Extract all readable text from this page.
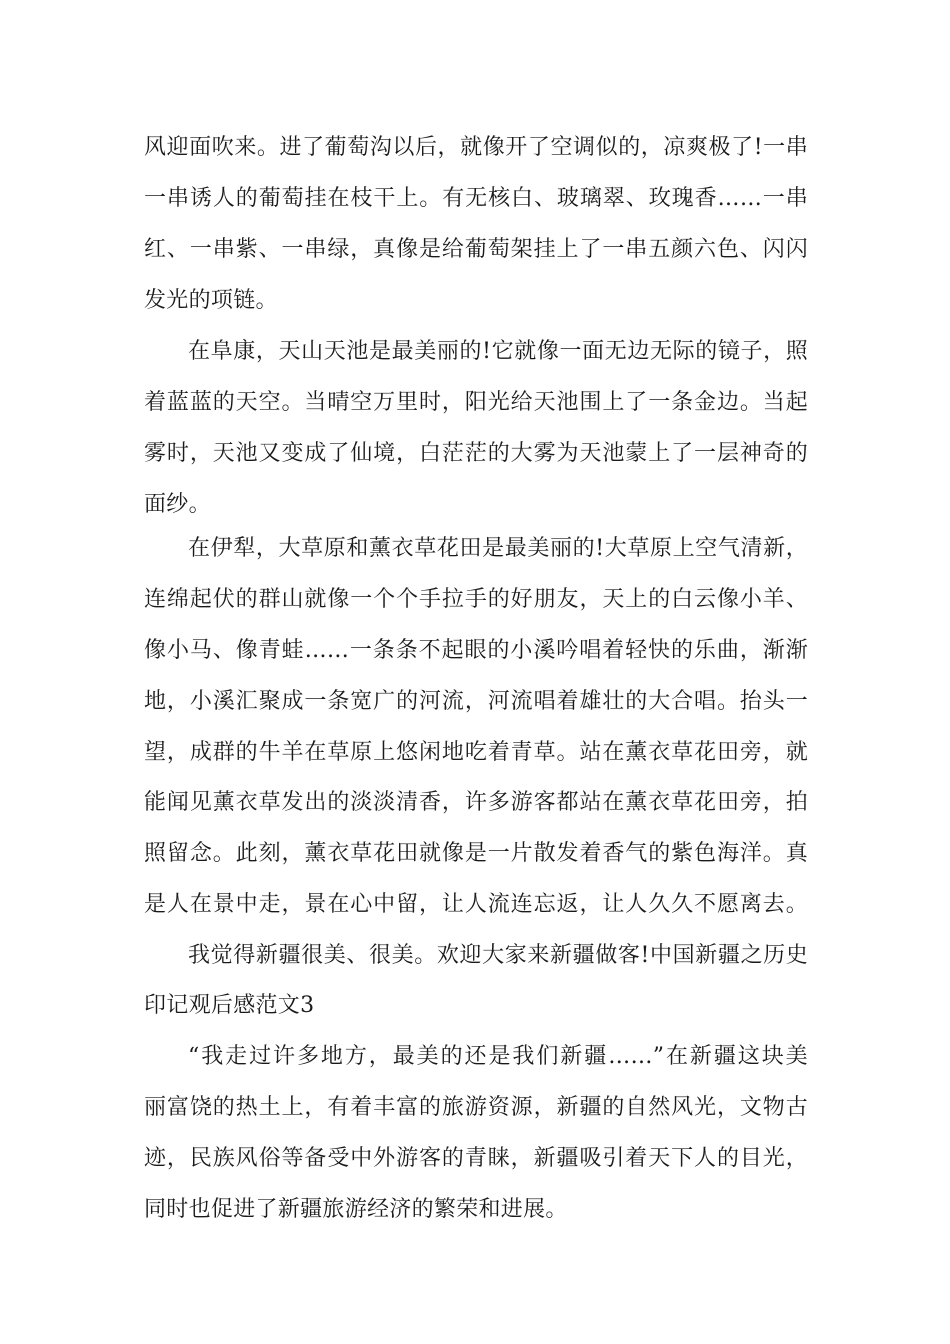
风迎面吹来。进了葡萄沟以后，就像开了空调似的，凉爽极了!一串
一串诱人的葡萄挂在枝干上。有无核白、玻璃翠、玫瑰香……一串
红、一串紫、一串绿，真像是给葡萄架挂上了一串五颜六色、闪闪
发光的项链。
在阜康，天山天池是最美丽的!它就像一面无边无际的镜子，照
着蓝蓝的天空。当晴空万里时，阳光给天池围上了一条金边。当起
雾时，天池又变成了仙境，白茫茫的大雾为天池蒙上了一层神奇的
面纱。
在伊犁，大草原和薰衣草花田是最美丽的!大草原上空气清新，
连绵起伏的群山就像一个个手拉手的好朋友，天上的白云像小羊、
像小马、像青蛙……一条条不起眼的小溪吟唱着轻快的乐曲，渐渐
地，小溪汇聚成一条宽广的河流，河流唱着雄壮的大合唱。抬头一
望，成群的牛羊在草原上悠闲地吃着青草。站在薰衣草花田旁，就
能闻见薰衣草发出的淡淡清香，许多游客都站在薰衣草花田旁，拍
照留念。此刻，薰衣草花田就像是一片散发着香气的紫色海洋。真
是人在景中走，景在心中留，让人流连忘返，让人久久不愿离去。
我觉得新疆很美、很美。欢迎大家来新疆做客!中国新疆之历史
印记观后感范文3
“我走过许多地方，最美的还是我们新疆……”在新疆这块美
丽富饶的热土上，有着丰富的旅游资源，新疆的自然风光，文物古
迹，民族风俗等备受中外游客的青睐，新疆吸引着天下人的目光，
同时也促进了新疆旅游经济的繁荣和进展。
